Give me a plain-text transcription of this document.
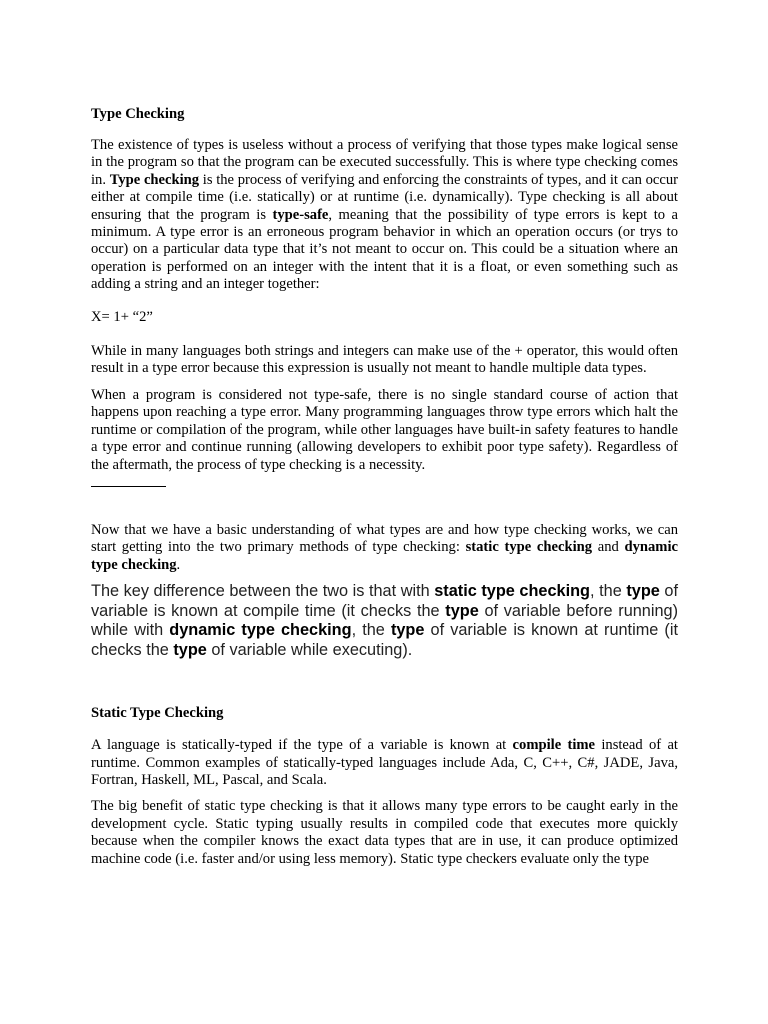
Type Checking

The existence of types is useless without a process of verifying that those types make logical sense in the program so that the program can be executed successfully. This is where type checking comes in. Type checking is the process of verifying and enforcing the constraints of types, and it can occur either at compile time (i.e. statically) or at runtime (i.e. dynamically). Type checking is all about ensuring that the program is type-safe, meaning that the possibility of type errors is kept to a minimum. A type error is an erroneous program behavior in which an operation occurs (or trys to occur) on a particular data type that it’s not meant to occur on. This could be a situation where an operation is performed on an integer with the intent that it is a float, or even something such as adding a string and an integer together:

X= 1+ “2”

While in many languages both strings and integers can make use of the + operator, this would often result in a type error because this expression is usually not meant to handle multiple data types.

When a program is considered not type-safe, there is no single standard course of action that happens upon reaching a type error. Many programming languages throw type errors which halt the runtime or compilation of the program, while other languages have built-in safety features to handle a type error and continue running (allowing developers to exhibit poor type safety). Regardless of the aftermath, the process of type checking is a necessity.

Now that we have a basic understanding of what types are and how type checking works, we can start getting into the two primary methods of type checking: static type checking and dynamic type checking.

The key difference between the two is that with static type checking, the type of variable is known at compile time (it checks the type of variable before running) while with dynamic type checking, the type of variable is known at runtime (it checks the type of variable while executing).

Static Type Checking

A language is statically-typed if the type of a variable is known at compile time instead of at runtime. Common examples of statically-typed languages include Ada, C, C++, C#, JADE, Java, Fortran, Haskell, ML, Pascal, and Scala.

The big benefit of static type checking is that it allows many type errors to be caught early in the development cycle. Static typing usually results in compiled code that executes more quickly because when the compiler knows the exact data types that are in use, it can produce optimized machine code (i.e. faster and/or using less memory). Static type checkers evaluate only the type
